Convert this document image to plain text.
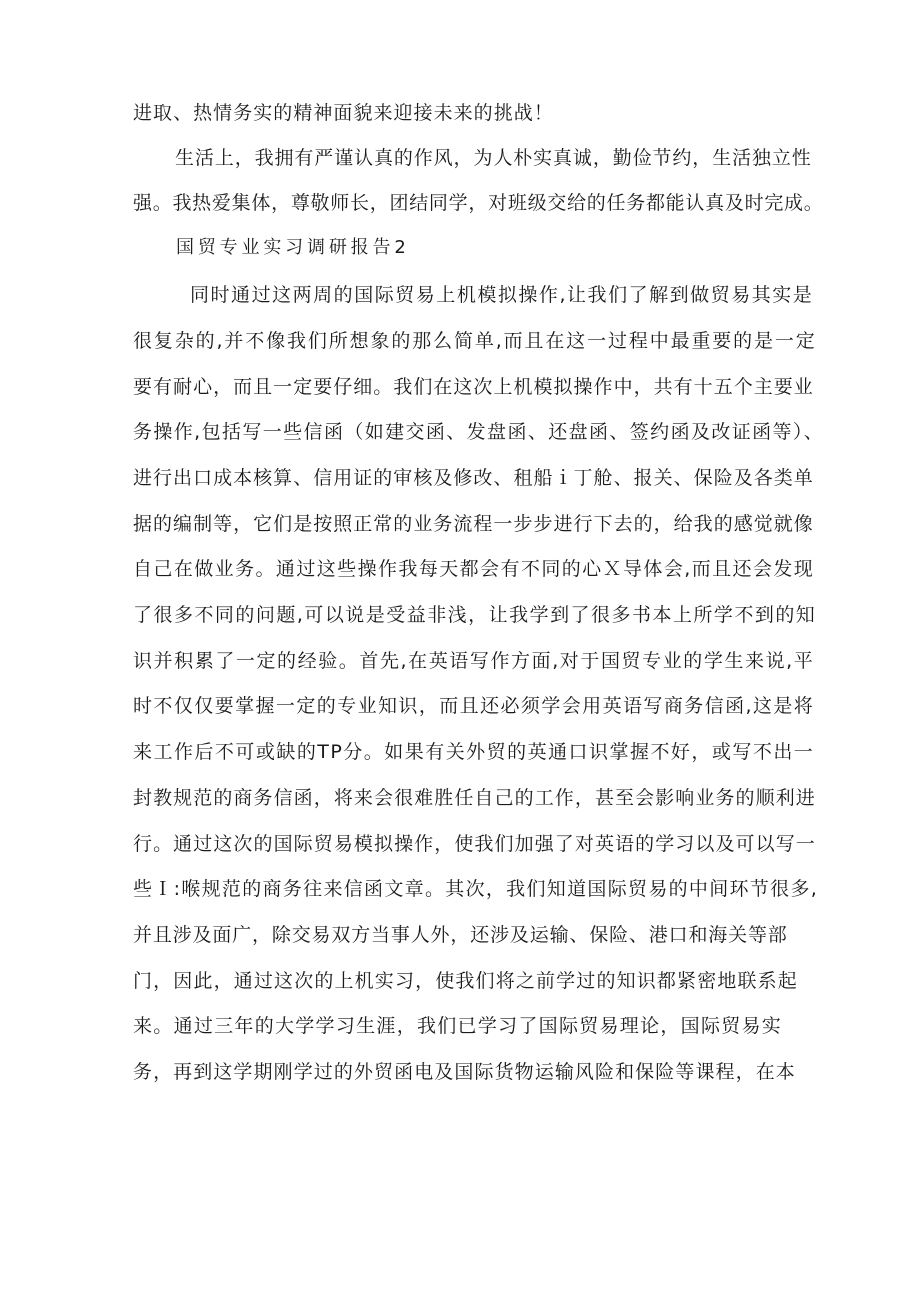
进取、热情务实的精神面貌来迎接未来的挑战！
生活上，我拥有严谨认真的作风，为人朴实真诚，勤俭节约，生活独立性
强。我热爱集体，尊敬师长，团结同学，对班级交给的任务都能认真及时完成。
国贸专业实习调研报告2
同时通过这两周的国际贸易上机模拟操作,让我们了解到做贸易其实是
很复杂的,并不像我们所想象的那么简单,而且在这一过程中最重要的是一定
要有耐心，而且一定要仔细。我们在这次上机模拟操作中，共有十五个主要业
务操作,包括写一些信函（如建交函、发盘函、还盘函、签约函及改证函等）、
进行出口成本核算、信用证的审核及修改、租船ｉ丁舱、报关、保险及各类单
据的编制等，它们是按照正常的业务流程一步步进行下去的，给我的感觉就像
自己在做业务。通过这些操作我每天都会有不同的心Ｘ导体会,而且还会发现
了很多不同的问题,可以说是受益非浅，让我学到了很多书本上所学不到的知
识并积累了一定的经验。首先,在英语写作方面,对于国贸专业的学生来说,平
时不仅仅要掌握一定的专业知识，而且还必须学会用英语写商务信函,这是将
来工作后不可或缺的TP分。如果有关外贸的英通口识掌握不好，或写不出一
封教规范的商务信函，将来会很难胜任自己的工作，甚至会影响业务的顺利进
行。通过这次的国际贸易模拟操作，使我们加强了对英语的学习以及可以写一
些Ｉ:喉规范的商务往来信函文章。其次，我们知道国际贸易的中间环节很多,
并且涉及面广，除交易双方当事人外，还涉及运输、保险、港口和海关等部
门，因此，通过这次的上机实习，使我们将之前学过的知识都紧密地联系起
来。通过三年的大学学习生涯，我们已学习了国际贸易理论，国际贸易实
务，再到这学期刚学过的外贸函电及国际货物运输风险和保险等课程，在本
